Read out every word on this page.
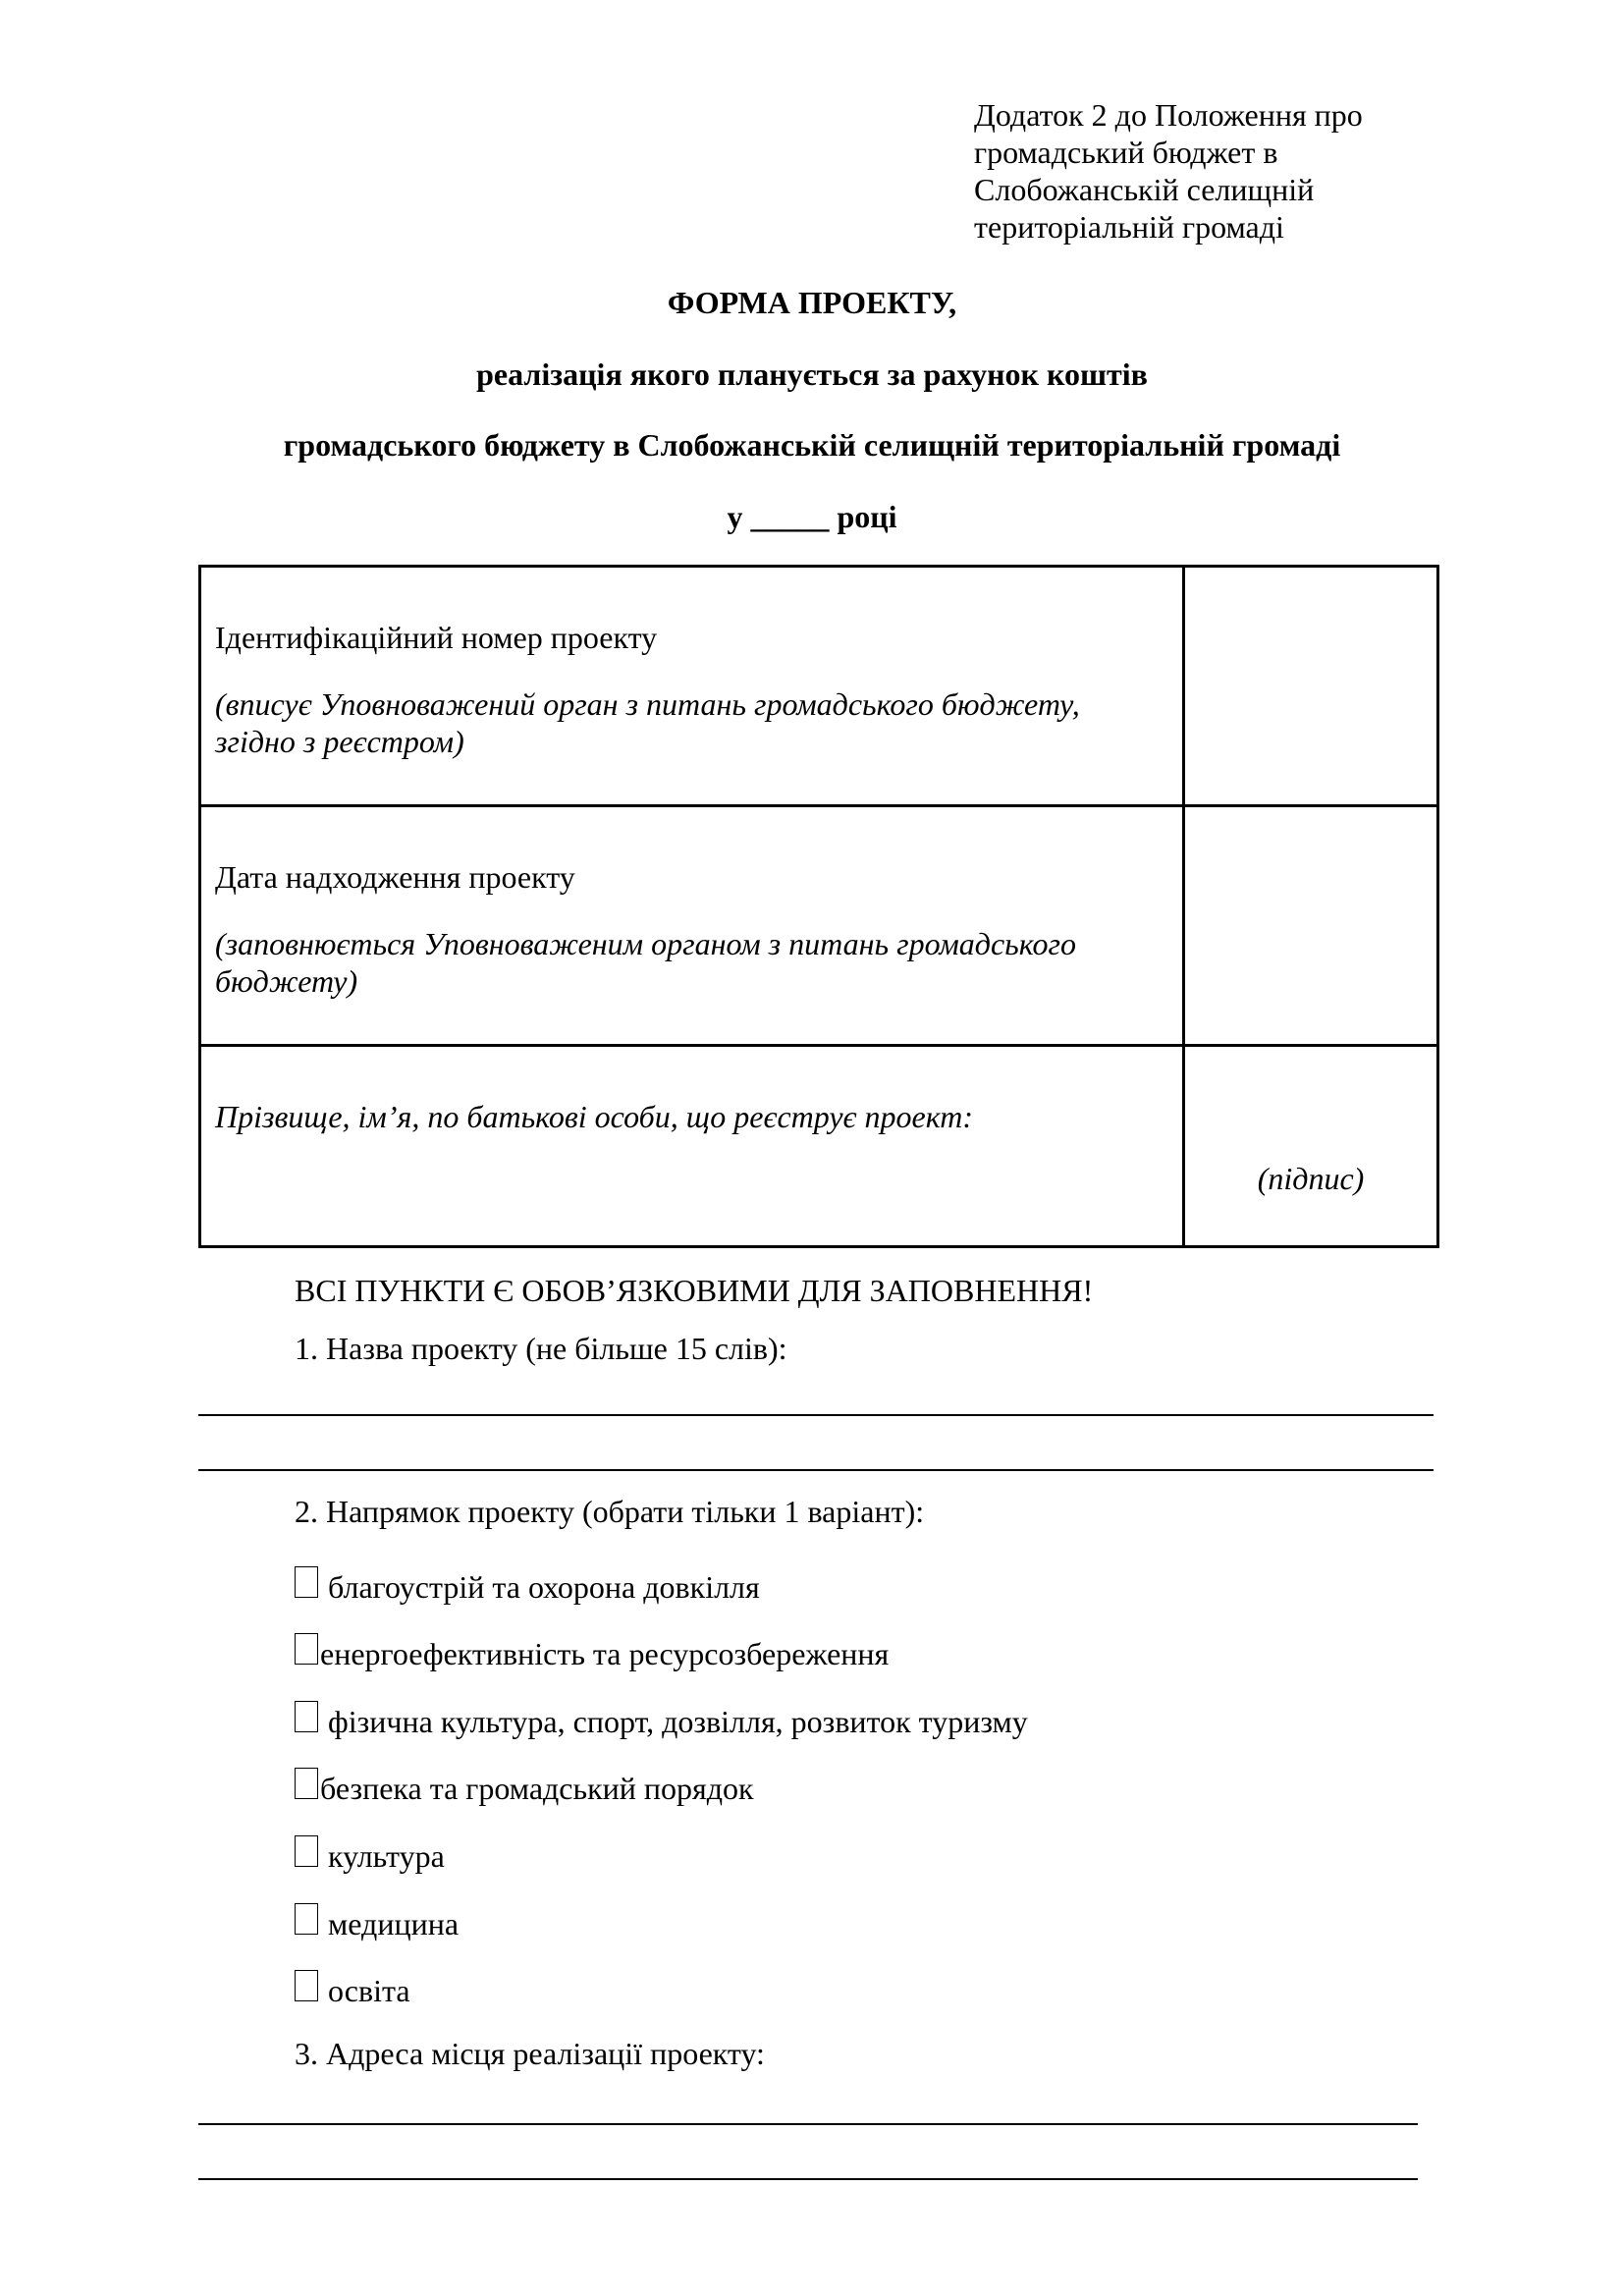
Додаток 2 до Положення про
громадський бюджет в
Слобожанській селищній
територіальній громаді
ФОРМА ПРОЕКТУ,
реалізація якого планується за рахунок коштів
громадського бюджету в Слобожанській селищній територіальній громаді
у _____ році
Ідентифікаційний номер проекту
(вписує Уповноважений орган з питань громадського бюджету,
згідно з реєстром)	

Дата надходження проекту
(заповнюється Уповноваженим органом з питань громадського
бюджету)	

Прізвище, ім’я, по батькові особи, що реєструє проект:	(підпис)
ВСІ ПУНКТИ Є ОБОВ’ЯЗКОВИМИ ДЛЯ ЗАПОВНЕННЯ!
1. Назва проекту (не більше 15 слів):
2. Напрямок проекту (обрати тільки 1 варіант):
благоустрій та охорона довкілля
енергоефективність та ресурсозбереження
фізична культура, спорт, дозвілля, розвиток туризму
безпека та громадський порядок
культура
медицина
освіта
3. Адреса місця реалізації проекту:
